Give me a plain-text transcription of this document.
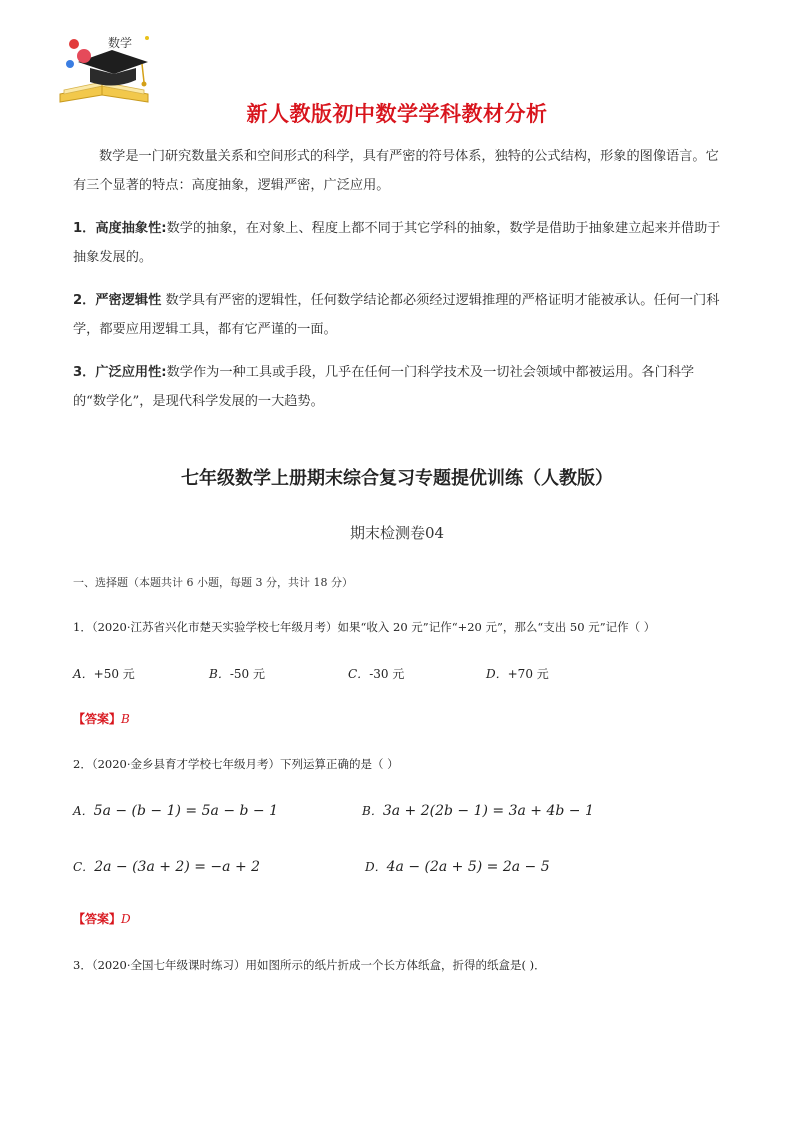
数学
新人教版初中数学学科教材分析
数学是一门研究数量关系和空间形式的科学，具有严密的符号体系，独特的公式结构，形象的图像语言。它有三个显著的特点：高度抽象，逻辑严密，广泛应用。
1．高度抽象性:数学的抽象，在对象上、程度上都不同于其它学科的抽象，数学是借助于抽象建立起来并借助于抽象发展的。
2．严密逻辑性 数学具有严密的逻辑性，任何数学结论都必须经过逻辑推理的严格证明才能被承认。任何一门科学，都要应用逻辑工具，都有它严谨的一面。
3．广泛应用性:数学作为一种工具或手段，几乎在任何一门科学技术及一切社会领域中都被运用。各门科学的“数学化”，是现代科学发展的一大趋势。
七年级数学上册期末综合复习专题提优训练（人教版）
期末检测卷04
一、选择题（本题共计 6 小题，每题 3 分，共计 18 分）
1．（2020·江苏省兴化市楚天实验学校七年级月考）如果“收入 20 元”记作“+20 元”，那么“支出 50 元”记作（ ）
A．+50 元	B．-50 元	C．-30 元	D．+70 元
【答案】B
2．（2020·金乡县育才学校七年级月考）下列运算正确的是（ ）
A．5a − (b − 1) = 5a − b − 1	B．3a + 2(2b − 1) = 3a + 4b − 1
C．2a − (3a + 2) = −a + 2	D．4a − (2a + 5) = 2a − 5
【答案】D
3．（2020·全国七年级课时练习）用如图所示的纸片折成一个长方体纸盒，折得的纸盒是( )．
